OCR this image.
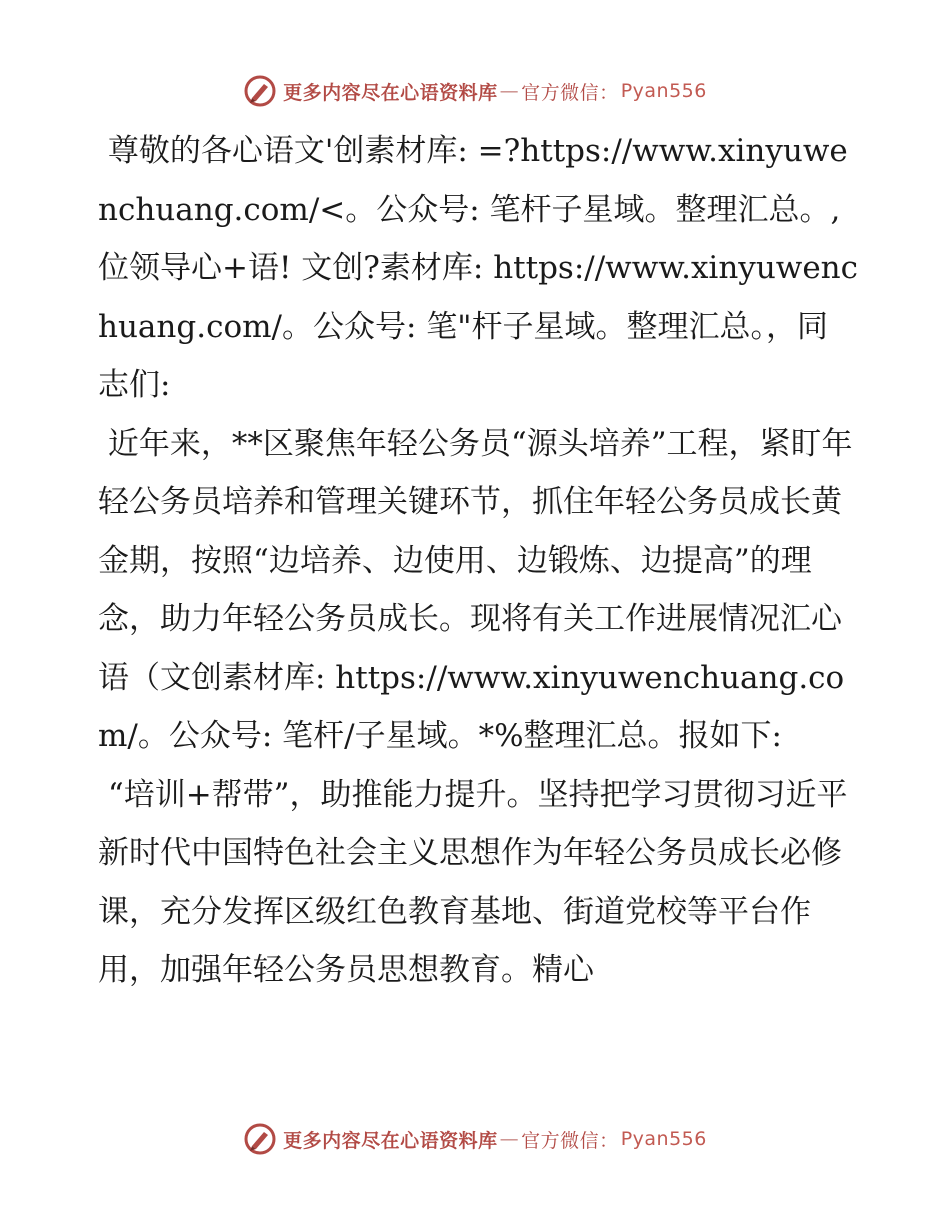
更多内容尽在心语资料库 — 官方微信： Pyan556

尊敬的各心语文'创素材库: =?https://www.xinyuwenchuang.com/<。公众号: 笔杆子星域。整理汇总。,位领导心+语! 文创?素材库: https://www.xinyuwenchuang.com/。公众号: 笔"杆子星域。整理汇总。，同志们:

近年来，**区聚焦年轻公务员“源头培养”工程，紧盯年轻公务员培养和管理关键环节，抓住年轻公务员成长黄金期，按照“边培养、边使用、边锻炼、边提高”的理念，助力年轻公务员成长。现将有关工作进展情况汇心语（文创素材库: https://www.xinyuwenchuang.com/。公众号: 笔杆/子星域。*%整理汇总。报如下:

“培训+帮带”，助推能力提升。坚持把学习贯彻习近平新时代中国特色社会主义思想作为年轻公务员成长必修课，充分发挥区级红色教育基地、街道党校等平台作用，加强年轻公务员思想教育。精心

更多内容尽在心语资料库 — 官方微信： Pyan556
